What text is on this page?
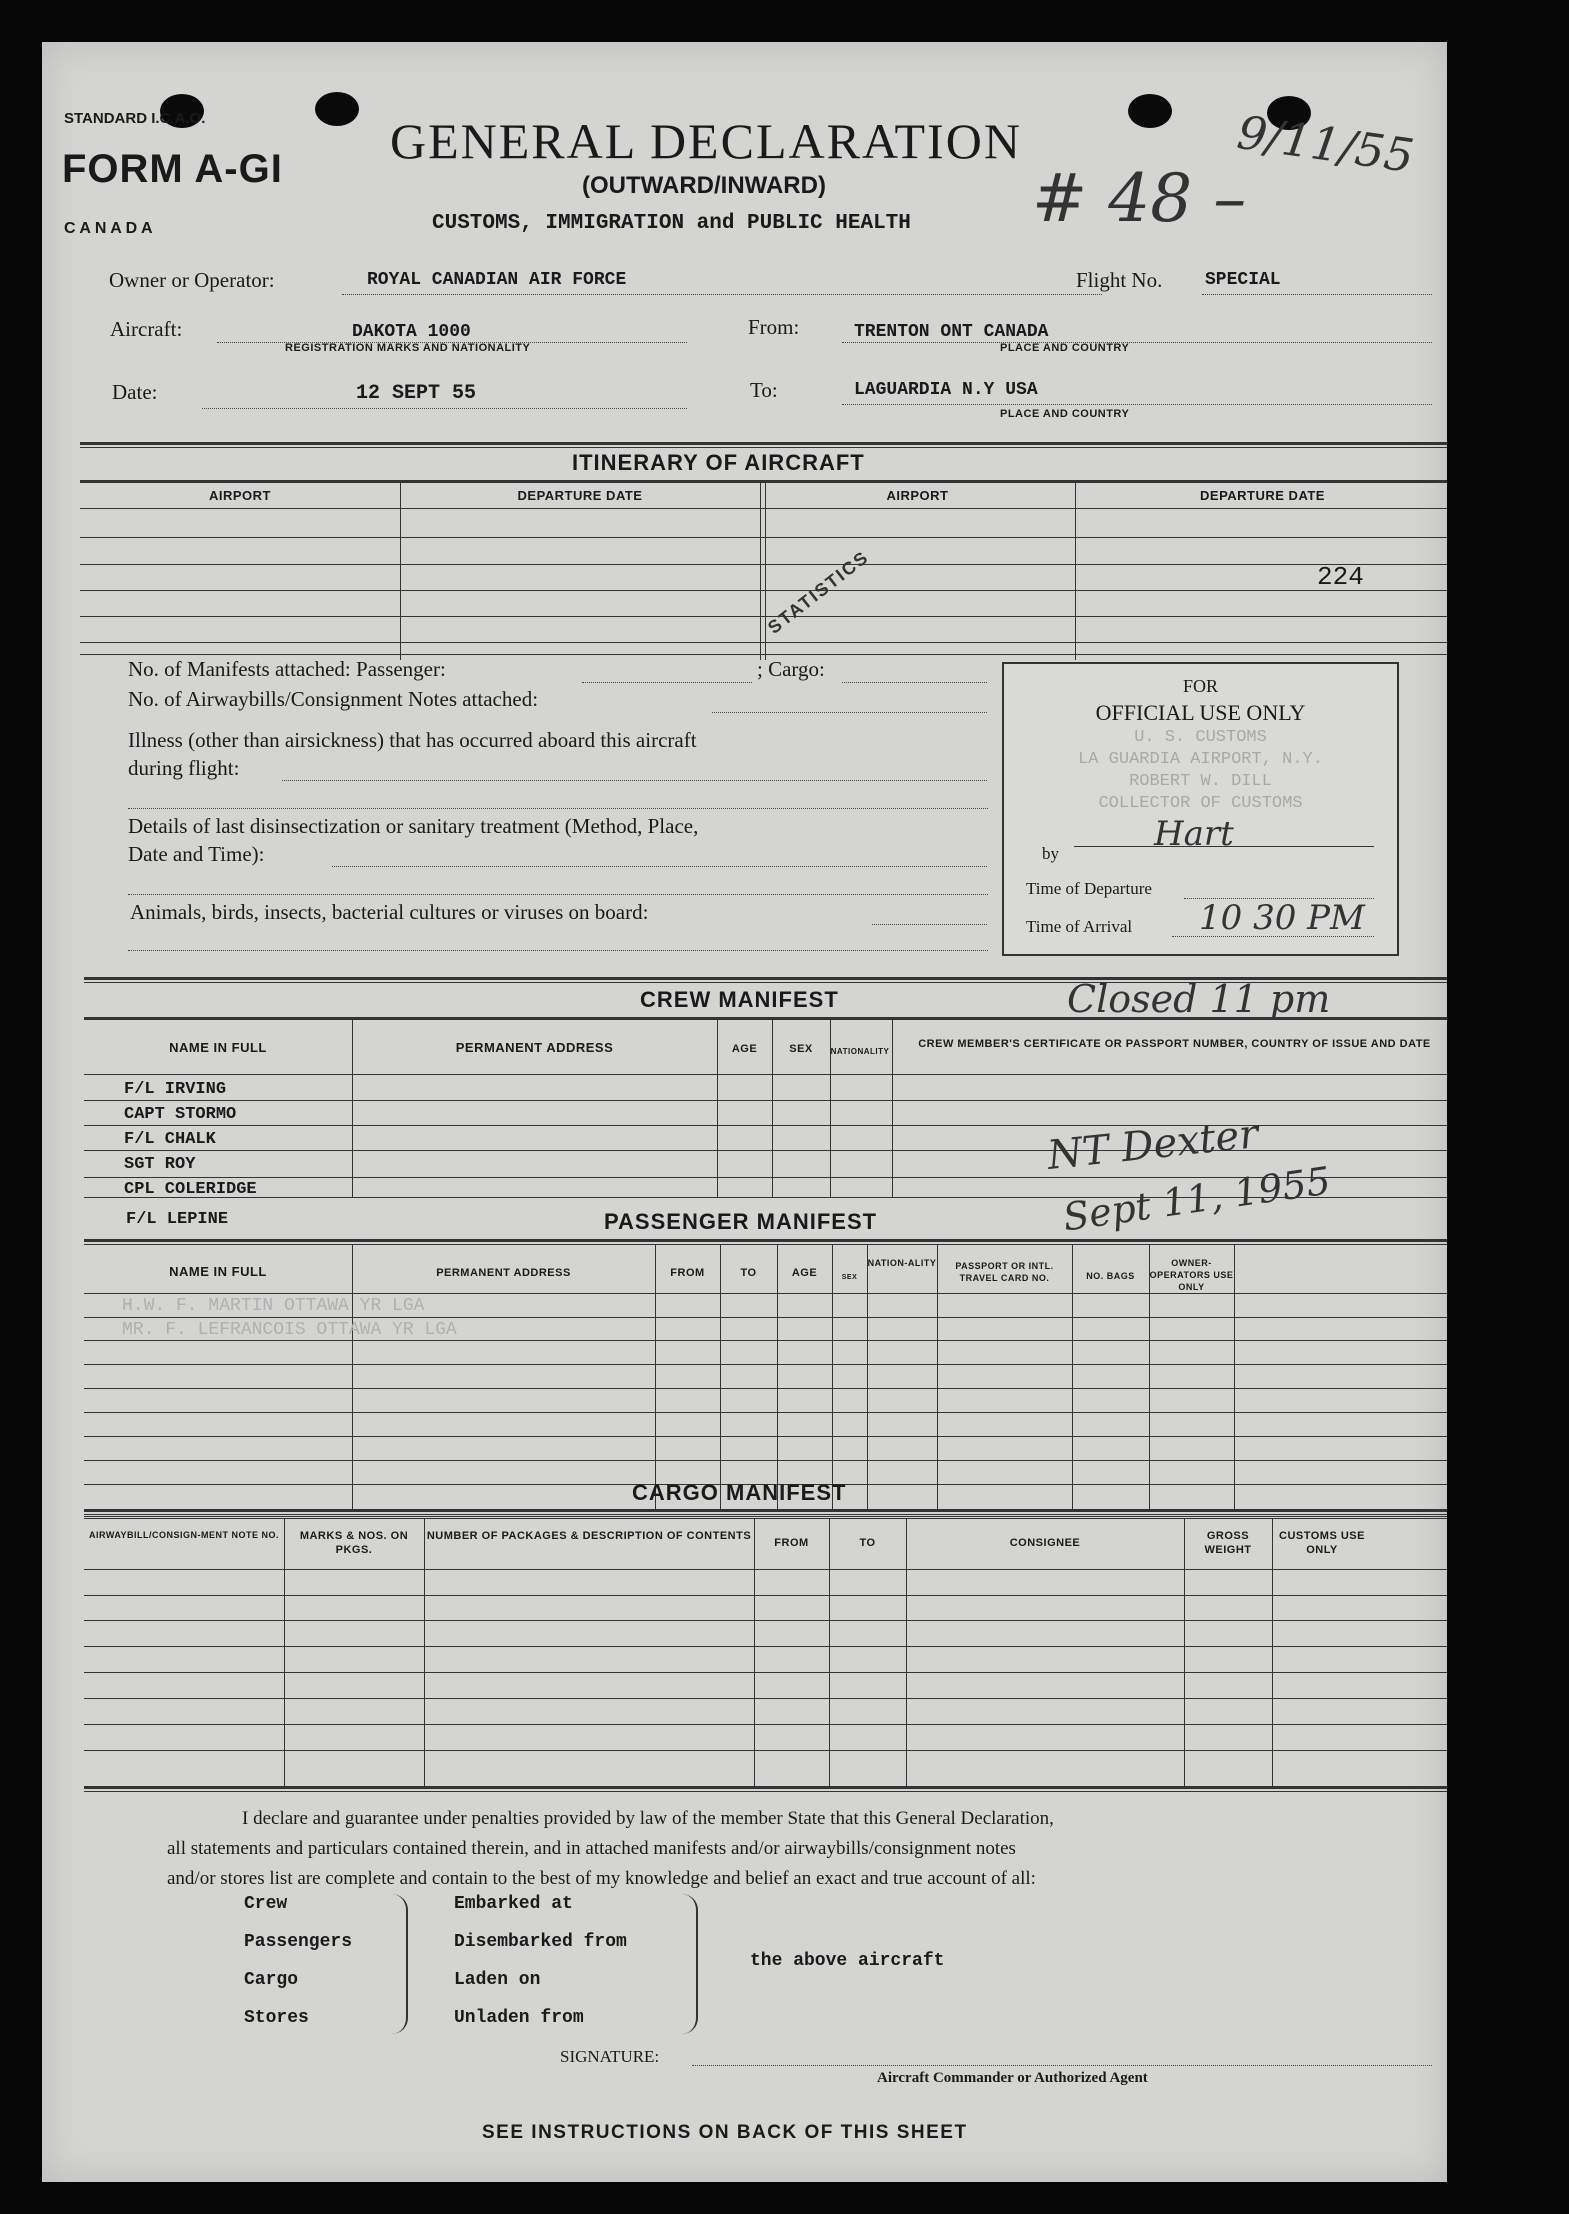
STANDARD I.C.A.O.
FORM A-GI
C A N A D A
GENERAL DECLARATION
(OUTWARD/INWARD)
CUSTOMS, IMMIGRATION and PUBLIC HEALTH # 48 –
9/11/55
Owner or Operator:	ROYAL CANADIAN AIR FORCE	Flight No. SPECIAL
Aircraft:	DAKOTA 1000
REGISTRATION MARKS AND NATIONALITY
From:	TRENTON ONT CANADA
PLACE AND COUNTRY
Date:	12 SEPT 55	To:	LAGUARDIA N.Y USA
PLACE AND COUNTRY
ITINERARY OF AIRCRAFT
AIRPORT	DEPARTURE DATE	AIRPORT	DEPARTURE DATE
224
No. of Manifests attached: Passenger:	; Cargo:
STATISTICS
No. of Airwaybills/Consignment Notes attached:
Illness (other than airsickness) that has occurred aboard this aircraft
during flight:
Details of last disinsectization or sanitary treatment (Method, Place,
Date and Time):
Animals, birds, insects, bacterial cultures or viruses on board:
FOR
OFFICIAL USE ONLY
U. S. CUSTOMS
LA GUARDIA AIRPORT, N.Y.
ROBERT W. DILL
COLLECTOR OF CUSTOMS
by	Hart
Time of Departure
Time of Arrival 10 30 PM
CREW MANIFEST	Closed 11 pm
NAME IN FULL	PERMANENT ADDRESS	AGE	SEX	NATIONALITY
CREW MEMBER'S CERTIFICATE OR PASSPORT NUMBER, COUNTRY OF ISSUE AND DATE
F/L IRVING
CAPT STORMO
F/L CHALK
SGT ROY
CPL COLERIDGE
F/L LEPINE
NT Dexter
Sept 11, 1955
PASSENGER MANIFEST
NAME IN FULL	PERMANENT ADDRESS	FROM	TO	AGE	SEX
NATION-ALITY	PASSPORT OR INTL. TRAVEL CARD NO.	NO. BAGS
OWNER-OPERATORS USE ONLY
H.W. F. MARTIN OTTAWA YR LGA
MR. F. LEFRANCOIS OTTAWA YR LGA
CARGO MANIFEST
AIRWAYBILL/CONSIGN-MENT NOTE NO.	MARKS & NOS. ON PKGS.
NUMBER OF PACKAGES & DESCRIPTION OF CONTENTS
FROM	TO	CONSIGNEE
GROSS WEIGHT
CUSTOMS USE ONLY
I declare and guarantee under penalties provided by law of the member State that this General Declaration,
all statements and particulars contained therein, and in attached manifests and/or airwaybills/consignment notes
and/or stores list are complete and contain to the best of my knowledge and belief an exact and true account of all:
Crew
Passengers
Cargo
Stores
Embarked at
Disembarked from
Laden on
Unladen from
the above aircraft
SIGNATURE:
Aircraft Commander or Authorized Agent
SEE INSTRUCTIONS ON BACK OF THIS SHEET
